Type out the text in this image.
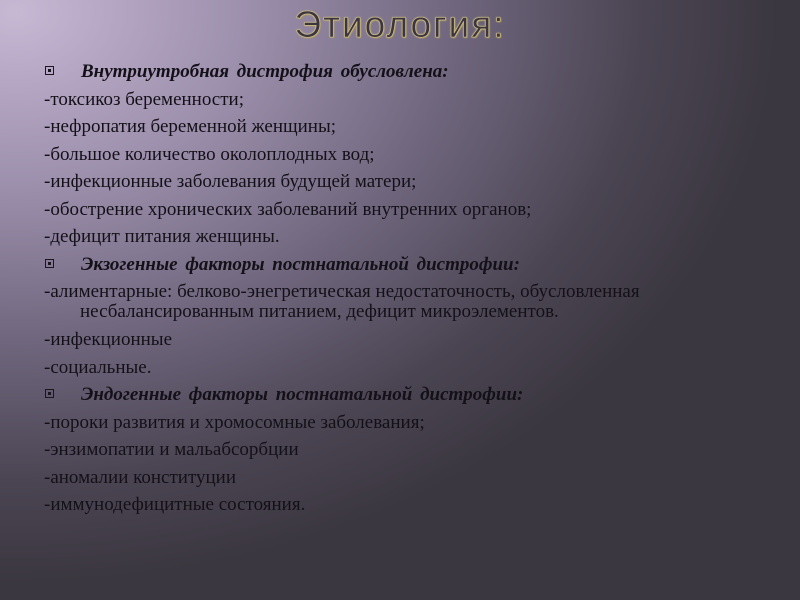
Этиология:
Внутриутробная дистрофия обусловлена:
-токсикоз беременности;
-нефропатия беременной женщины;
-большое количество околоплодных вод;
-инфекционные заболевания будущей матери;
-обострение хронических заболеваний внутренних органов;
-дефицит питания женщины.
Экзогенные факторы постнатальной дистрофии:
-алиментарные: белково-энегретическая недостаточность, обусловленная несбалансированным питанием, дефицит микроэлементов.
-инфекционные
-социальные.
Эндогенные факторы постнатальной дистрофии:
-пороки развития и хромосомные заболевания;
-энзимопатии и мальабсорбции
-аномалии конституции
-иммунодефицитные состояния.
